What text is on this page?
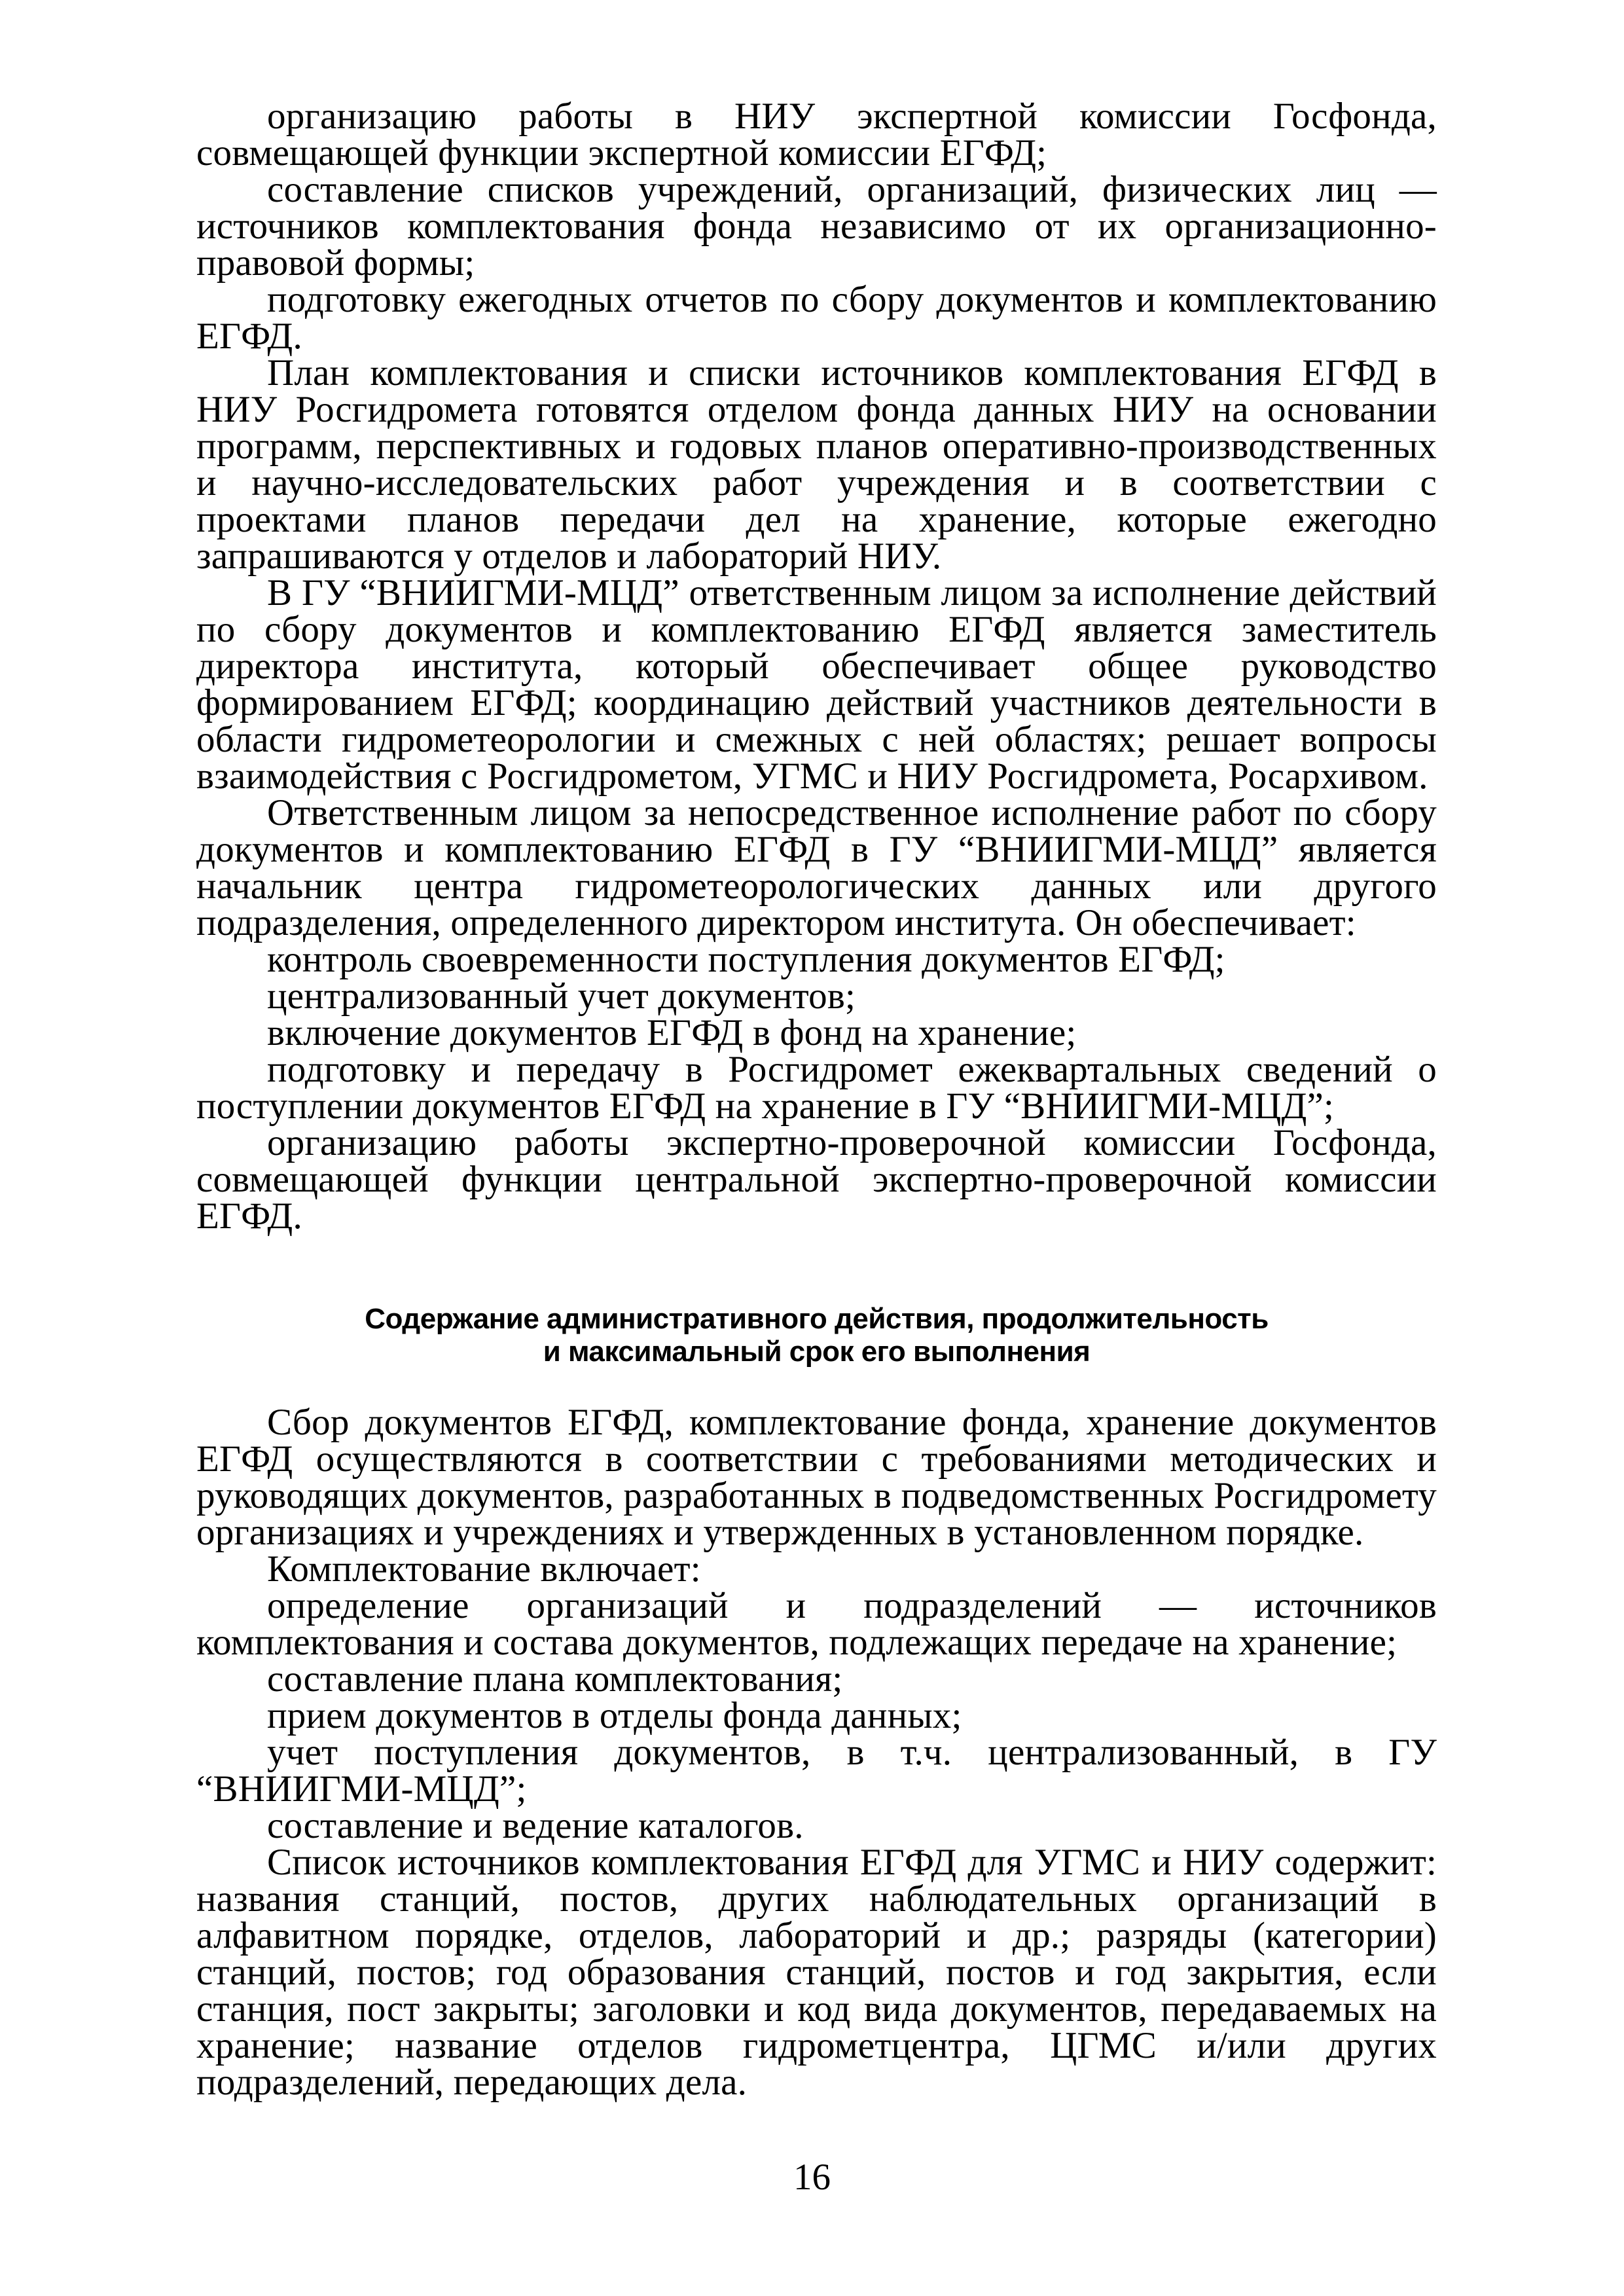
организацию работы в НИУ экспертной комиссии Госфонда, совмещающей функции экспертной комиссии ЕГФД;

составление списков учреждений, организаций, физических лиц — источников комплектования фонда независимо от их организационно-правовой формы;

подготовку ежегодных отчетов по сбору документов и комплектованию ЕГФД.

План комплектования и списки источников комплектования ЕГФД в НИУ Росгидромета готовятся отделом фонда данных НИУ на основании программ, перспективных и годовых планов оперативно-производственных и научно-исследовательских работ учреждения и в соответствии с проектами планов передачи дел на хранение, которые ежегодно запрашиваются у отделов и лабораторий НИУ.

В ГУ “ВНИИГМИ-МЦД” ответственным лицом за исполнение действий по сбору документов и комплектованию ЕГФД является заместитель директора института, который обеспечивает общее руководство формированием ЕГФД; координацию действий участников деятельности в области гидрометеорологии и смежных с ней областях; решает вопросы взаимодействия с Росгидрометом, УГМС и НИУ Росгидромета, Росархивом.

Ответственным лицом за непосредственное исполнение работ по сбору документов и комплектованию ЕГФД в ГУ “ВНИИГМИ-МЦД” является начальник центра гидрометеорологических данных или другого подразделения, определенного директором института. Он обеспечивает:

контроль своевременности поступления документов ЕГФД;

централизованный учет документов;

включение документов ЕГФД в фонд на хранение;

подготовку и передачу в Росгидромет ежеквартальных сведений о поступлении документов ЕГФД на хранение в ГУ “ВНИИГМИ-МЦД”;

организацию работы экспертно-проверочной комиссии Госфонда, совмещающей функции центральной экспертно-проверочной комиссии ЕГФД.

Содержание административного действия, продолжительность
и максимальный срок его выполнения

Сбор документов ЕГФД, комплектование фонда, хранение документов ЕГФД осуществляются в соответствии с требованиями методических и руководящих документов, разработанных в подведомственных Росгидромету организациях и учреждениях и утвержденных в установленном порядке.

Комплектование включает:

определение организаций и подразделений — источников комплектования и состава документов, подлежащих передаче на хранение;

составление плана комплектования;

прием документов в отделы фонда данных;

учет поступления документов, в т.ч. централизованный, в ГУ “ВНИИГМИ-МЦД”;

составление и ведение каталогов.

Список источников комплектования ЕГФД для УГМС и НИУ содержит: названия станций, постов, других наблюдательных организаций в алфавитном порядке, отделов, лабораторий и др.; разряды (категории) станций, постов; год образования станций, постов и год закрытия, если станция, пост закрыты; заголовки и код вида документов, передаваемых на хранение; название отделов гидрометцентра, ЦГМС и/или других подразделений, передающих дела.

16
